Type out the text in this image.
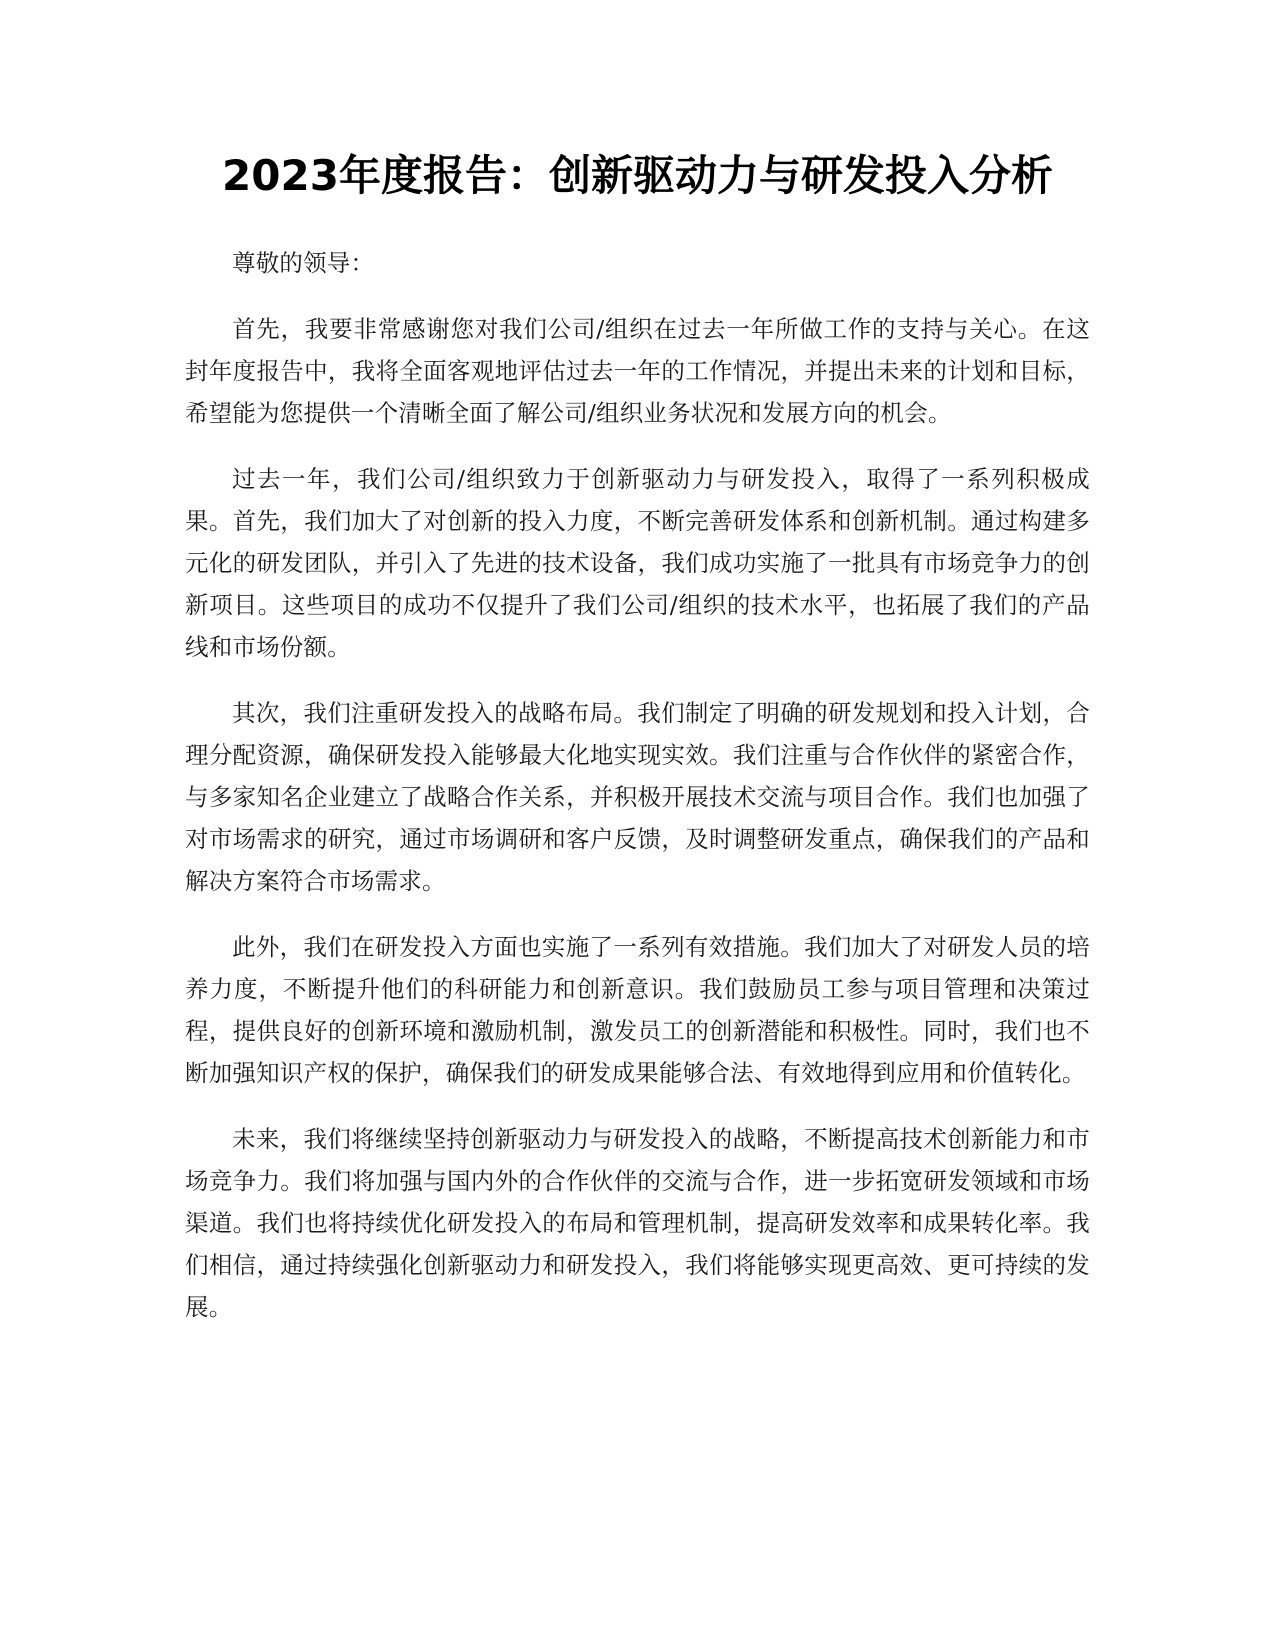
2023年度报告：创新驱动力与研发投入分析

尊敬的领导：

首先，我要非常感谢您对我们公司/组织在过去一年所做工作的支持与关心。在这封年度报告中，我将全面客观地评估过去一年的工作情况，并提出未来的计划和目标，希望能为您提供一个清晰全面了解公司/组织业务状况和发展方向的机会。

过去一年，我们公司/组织致力于创新驱动力与研发投入，取得了一系列积极成果。首先，我们加大了对创新的投入力度，不断完善研发体系和创新机制。通过构建多元化的研发团队，并引入了先进的技术设备，我们成功实施了一批具有市场竞争力的创新项目。这些项目的成功不仅提升了我们公司/组织的技术水平，也拓展了我们的产品线和市场份额。

其次，我们注重研发投入的战略布局。我们制定了明确的研发规划和投入计划，合理分配资源，确保研发投入能够最大化地实现实效。我们注重与合作伙伴的紧密合作，与多家知名企业建立了战略合作关系，并积极开展技术交流与项目合作。我们也加强了对市场需求的研究，通过市场调研和客户反馈，及时调整研发重点，确保我们的产品和解决方案符合市场需求。

此外，我们在研发投入方面也实施了一系列有效措施。我们加大了对研发人员的培养力度，不断提升他们的科研能力和创新意识。我们鼓励员工参与项目管理和决策过程，提供良好的创新环境和激励机制，激发员工的创新潜能和积极性。同时，我们也不断加强知识产权的保护，确保我们的研发成果能够合法、有效地得到应用和价值转化。

未来，我们将继续坚持创新驱动力与研发投入的战略，不断提高技术创新能力和市场竞争力。我们将加强与国内外的合作伙伴的交流与合作，进一步拓宽研发领域和市场渠道。我们也将持续优化研发投入的布局和管理机制，提高研发效率和成果转化率。我们相信，通过持续强化创新驱动力和研发投入，我们将能够实现更高效、更可持续的发展。
